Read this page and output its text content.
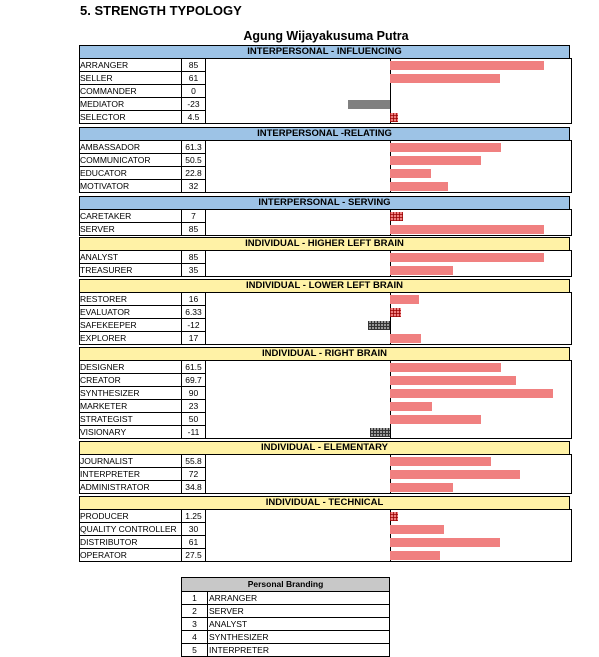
5. STRENGTH TYPOLOGY
Agung Wijayakusuma Putra
INTERPERSONAL - INFLUENCING
ARRANGER	85
SELLER	61
COMMANDER	0
MEDIATOR	-23
SELECTOR	4.5
INTERPERSONAL -RELATING
AMBASSADOR	61.3
COMMUNICATOR	50.5
EDUCATOR	22.8
MOTIVATOR	32
INTERPERSONAL - SERVING
CARETAKER	7
SERVER	85
INDIVIDUAL - HIGHER LEFT BRAIN
ANALYST	85
TREASURER	35
INDIVIDUAL - LOWER LEFT BRAIN
RESTORER	16
EVALUATOR	6.33
SAFEKEEPER	-12
EXPLORER	17
INDIVIDUAL - RIGHT BRAIN
DESIGNER	61.5
CREATOR	69.7
SYNTHESIZER	90
MARKETER	23
STRATEGIST	50
VISIONARY	-11
INDIVIDUAL - ELEMENTARY
JOURNALIST	55.8
INTERPRETER	72
ADMINISTRATOR	34.8
INDIVIDUAL - TECHNICAL
PRODUCER	1.25
QUALITY CONTROLLER	30
DISTRIBUTOR	61
OPERATOR	27.5
Personal Branding
1	ARRANGER
2	SERVER
3	ANALYST
4	SYNTHESIZER
5	INTERPRETER
